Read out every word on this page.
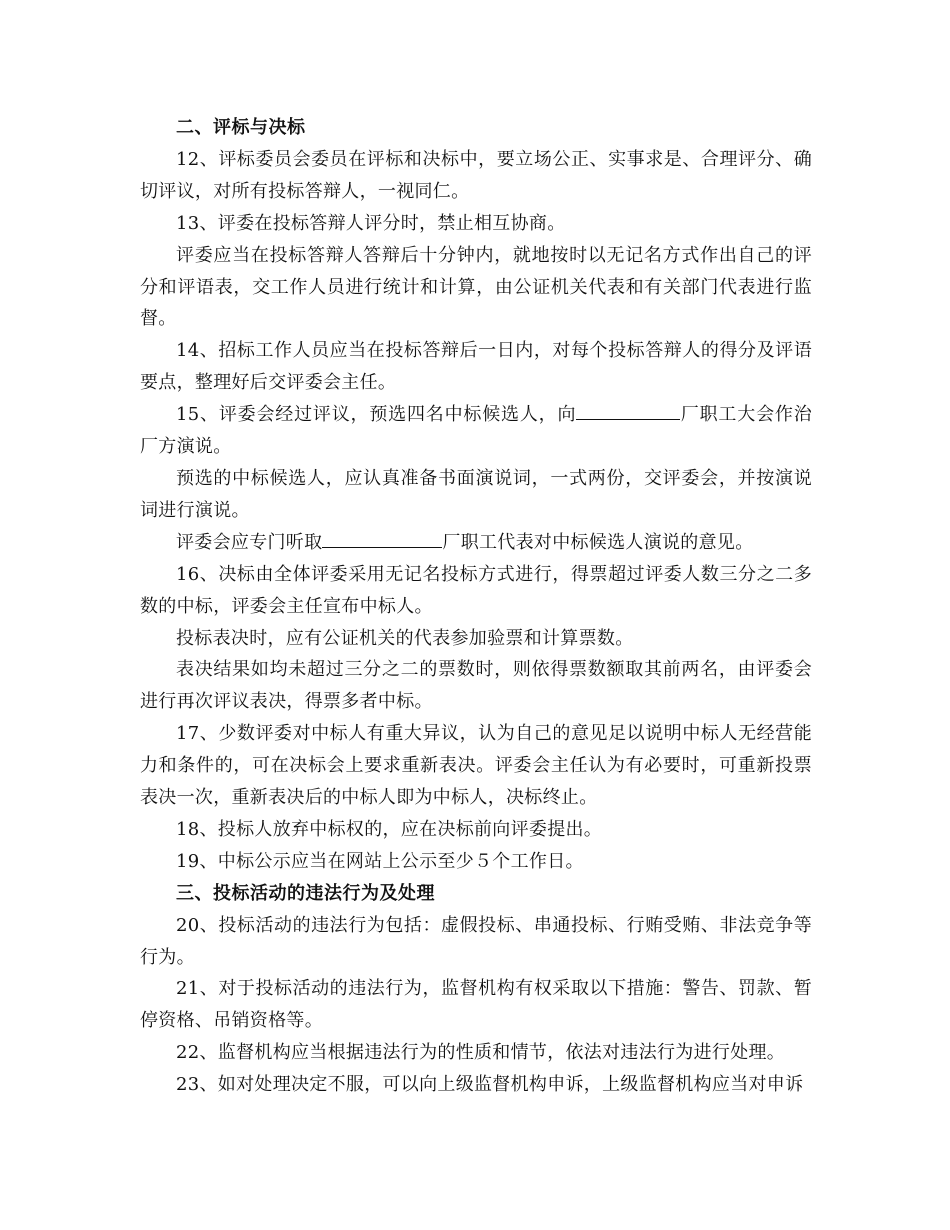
二、评标与决标

12、评标委员会委员在评标和决标中，要立场公正、实事求是、合理评分、确切评议，对所有投标答辩人，一视同仁。

13、评委在投标答辩人评分时，禁止相互协商。

评委应当在投标答辩人答辩后十分钟内，就地按时以无记名方式作出自己的评分和评语表，交工作人员进行统计和计算，由公证机关代表和有关部门代表进行监督。

14、招标工作人员应当在投标答辩后一日内，对每个投标答辩人的得分及评语要点，整理好后交评委会主任。

15、评委会经过评议，预选四名中标候选人，向	厂职工大会作治厂方演说。

预选的中标候选人，应认真准备书面演说词，一式两份，交评委会，并按演说词进行演说。

评委会应专门听取	厂职工代表对中标候选人演说的意见。

16、决标由全体评委采用无记名投标方式进行，得票超过评委人数三分之二多数的中标，评委会主任宣布中标人。

投标表决时，应有公证机关的代表参加验票和计算票数。

表决结果如均未超过三分之二的票数时，则依得票数额取其前两名，由评委会进行再次评议表决，得票多者中标。

17、少数评委对中标人有重大异议，认为自己的意见足以说明中标人无经营能力和条件的，可在决标会上要求重新表决。评委会主任认为有必要时，可重新投票表决一次，重新表决后的中标人即为中标人，决标终止。

18、投标人放弃中标权的，应在决标前向评委提出。

19、中标公示应当在网站上公示至少５个工作日。

三、投标活动的违法行为及处理

20、投标活动的违法行为包括：虚假投标、串通投标、行贿受贿、非法竞争等行为。

21、对于投标活动的违法行为，监督机构有权采取以下措施：警告、罚款、暂停资格、吊销资格等。

22、监督机构应当根据违法行为的性质和情节，依法对违法行为进行处理。

23、如对处理决定不服，可以向上级监督机构申诉，上级监督机构应当对申诉
